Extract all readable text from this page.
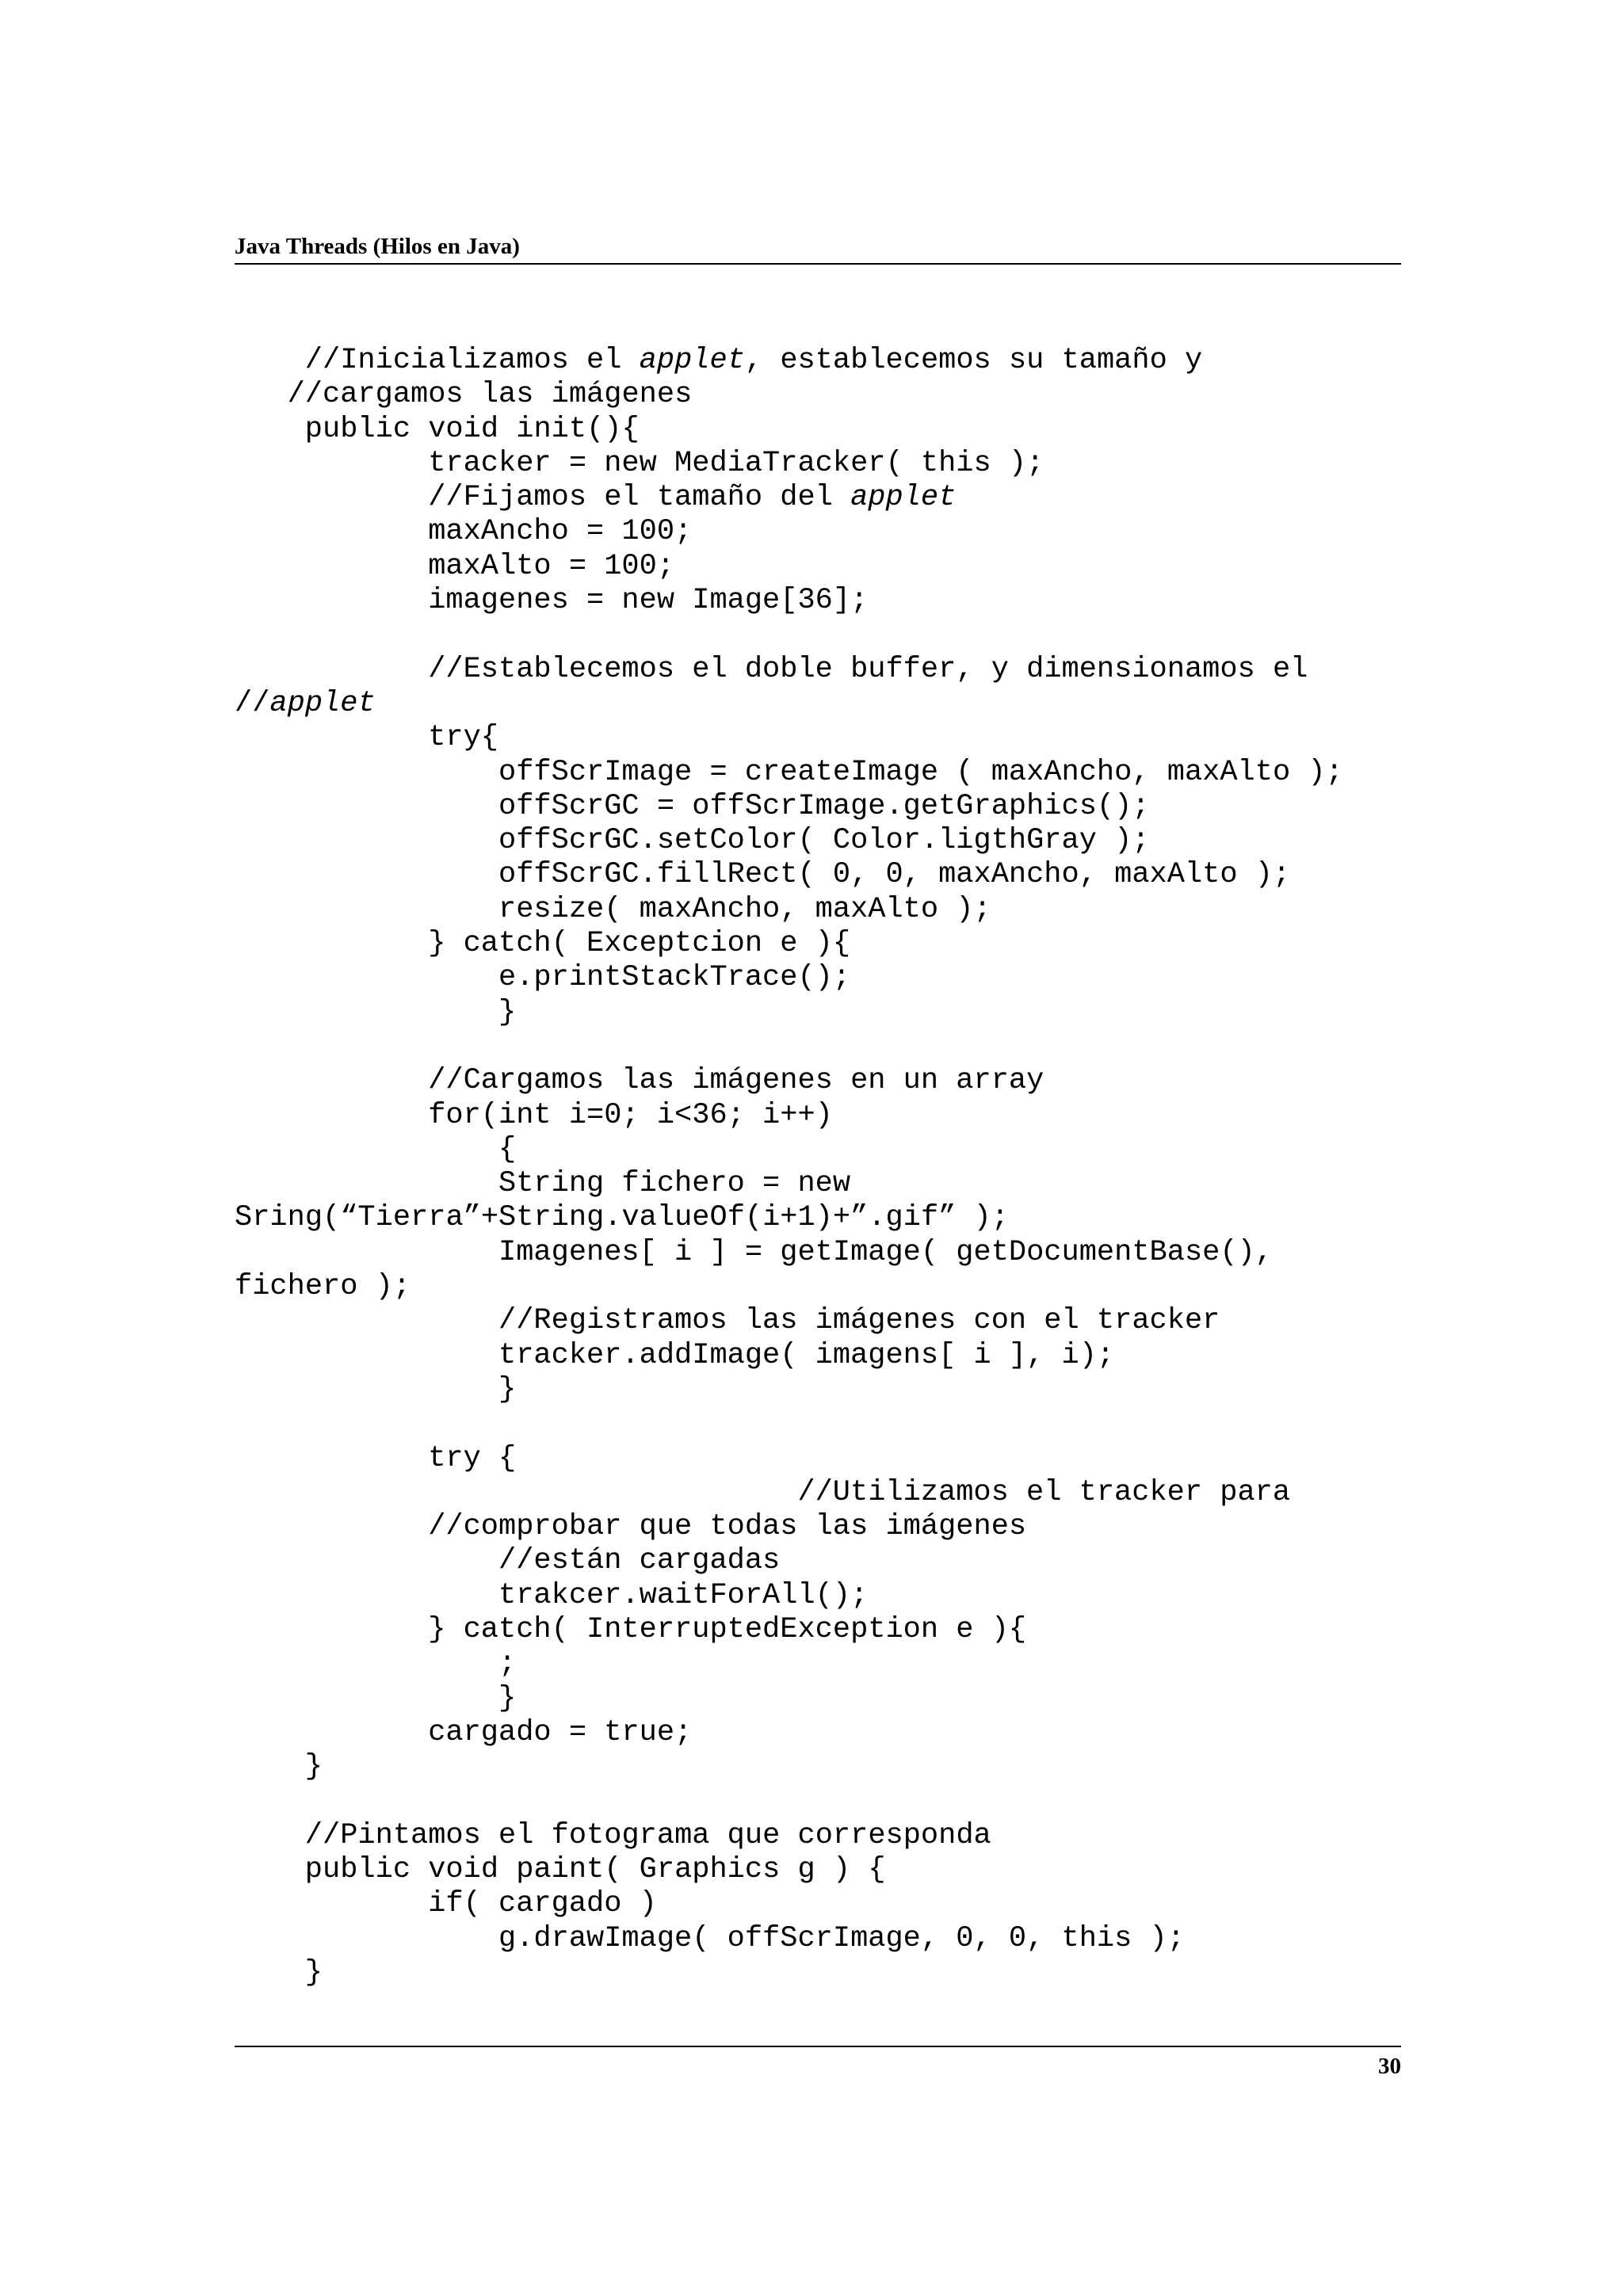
Java Threads (Hilos en Java)
//Inicializamos el applet, establecemos su tamaño y
//cargamos las imágenes
public void init(){
tracker = new MediaTracker( this );
//Fijamos el tamaño del applet
maxAncho = 100;
maxAlto = 100;
imagenes = new Image[36];
//Establecemos el doble buffer, y dimensionamos el
//applet
try{
offScrImage = createImage ( maxAncho, maxAlto );
offScrGC = offScrImage.getGraphics();
offScrGC.setColor( Color.ligthGray );
offScrGC.fillRect( 0, 0, maxAncho, maxAlto );
resize( maxAncho, maxAlto );
} catch( Exceptcion e ){
e.printStackTrace();
}
//Cargamos las imágenes en un array
for(int i=0; i<36; i++)
{
String fichero = new
Sring(“Tierra”+String.valueOf(i+1)+”.gif” );
Imagenes[ i ] = getImage( getDocumentBase(),
fichero );
//Registramos las imágenes con el tracker
tracker.addImage( imagens[ i ], i);
}
try {
//Utilizamos el tracker para
//comprobar que todas las imágenes
//están cargadas
trakcer.waitForAll();
} catch( InterruptedException e ){
;
}
cargado = true;
}
//Pintamos el fotograma que corresponda
public void paint( Graphics g ) {
if( cargado )
g.drawImage( offScrImage, 0, 0, this );
}
30
